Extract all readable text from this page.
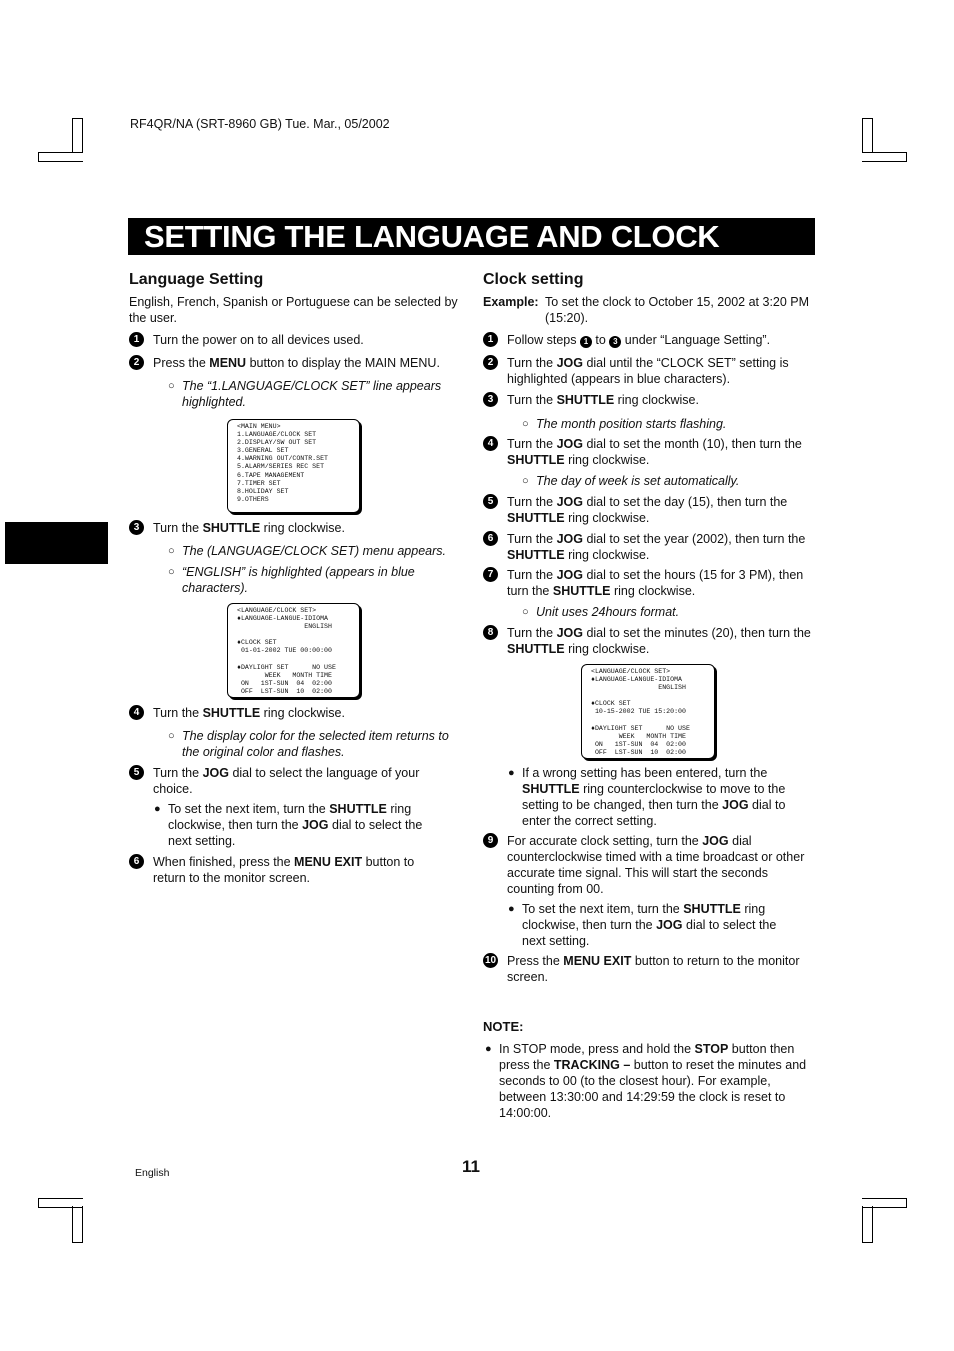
RF4QR/NA (SRT-8960 GB) Tue. Mar., 05/2002
SETTING THE LANGUAGE AND CLOCK
Language Setting

English, French, Spanish or Portuguese can be selected by the user.

1	Turn the power on to all devices used.
2	Press the MENU button to display the MAIN MENU.
○ The “1.LANGUAGE/CLOCK SET” line appears highlighted.
<MAIN MENU>
1.LANGUAGE/CLOCK SET
2.DISPLAY/SW OUT SET
3.GENERAL SET
4.WARNING OUT/CONTR.SET
5.ALARM/SERIES REC SET
6.TAPE MANAGEMENT
7.TIMER SET
8.HOLIDAY SET
9.OTHERS
3	Turn the SHUTTLE ring clockwise.
○ The (LANGUAGE/CLOCK SET) menu appears.
○ “ENGLISH” is highlighted (appears in blue characters).
<LANGUAGE/CLOCK SET>
♦LANGUAGE-LANGUE-IDIOMA
ENGLISH

♦CLOCK SET
01-01-2002 TUE 00:00:00

♦DAYLIGHT SET      NO USE
WEEK   MONTH TIME
ON   1ST-SUN  04  02:00
OFF  LST-SUN  10  02:00
4	Turn the SHUTTLE ring clockwise.
○ The display color for the selected item returns to the original color and flashes.
5	Turn the JOG dial to select the language of your choice.
● To set the next item, turn the SHUTTLE ring clockwise, then turn the JOG dial to select the next setting.
6	When finished, press the MENU EXIT button to return to the monitor screen.
Clock setting
Example: To set the clock to October 15, 2002 at 3:20 PM (15:20).
1	Follow steps 1 to 3 under “Language Setting”.
2	Turn the JOG dial until the “CLOCK SET” setting is highlighted (appears in blue characters).
3	Turn the SHUTTLE ring clockwise.
○ The month position starts flashing.
4	Turn the JOG dial to set the month (10), then turn the SHUTTLE ring clockwise.
○ The day of week is set automatically.
5	Turn the JOG dial to set the day (15), then turn the SHUTTLE ring clockwise.
6	Turn the JOG dial to set the year (2002), then turn the SHUTTLE ring clockwise.
7	Turn the JOG dial to set the hours (15 for 3 PM), then turn the SHUTTLE ring clockwise.
○ Unit uses 24hours format.
8	Turn the JOG dial to set the minutes (20), then turn the SHUTTLE ring clockwise.
<LANGUAGE/CLOCK SET>
♦LANGUAGE-LANGUE-IDIOMA
ENGLISH

♦CLOCK SET
10-15-2002 TUE 15:20:00

♦DAYLIGHT SET      NO USE
WEEK   MONTH TIME
ON   1ST-SUN  04  02:00
OFF  LST-SUN  10  02:00
● If a wrong setting has been entered, turn the SHUTTLE ring counterclockwise to move to the setting to be changed, then turn the JOG dial to enter the correct setting.
9	For accurate clock setting, turn the JOG dial counterclockwise timed with a time broadcast or other accurate time signal. This will start the seconds counting from 00.
● To set the next item, turn the SHUTTLE ring clockwise, then turn the JOG dial to select the next setting.
10 Press the MENU EXIT button to return to the monitor screen.
NOTE:
● In STOP mode, press and hold the STOP button then press the TRACKING – button to reset the minutes and seconds to 00 (to the closest hour). For example, between 13:30:00 and 14:29:59 the clock is reset to 14:00:00.
English	11
